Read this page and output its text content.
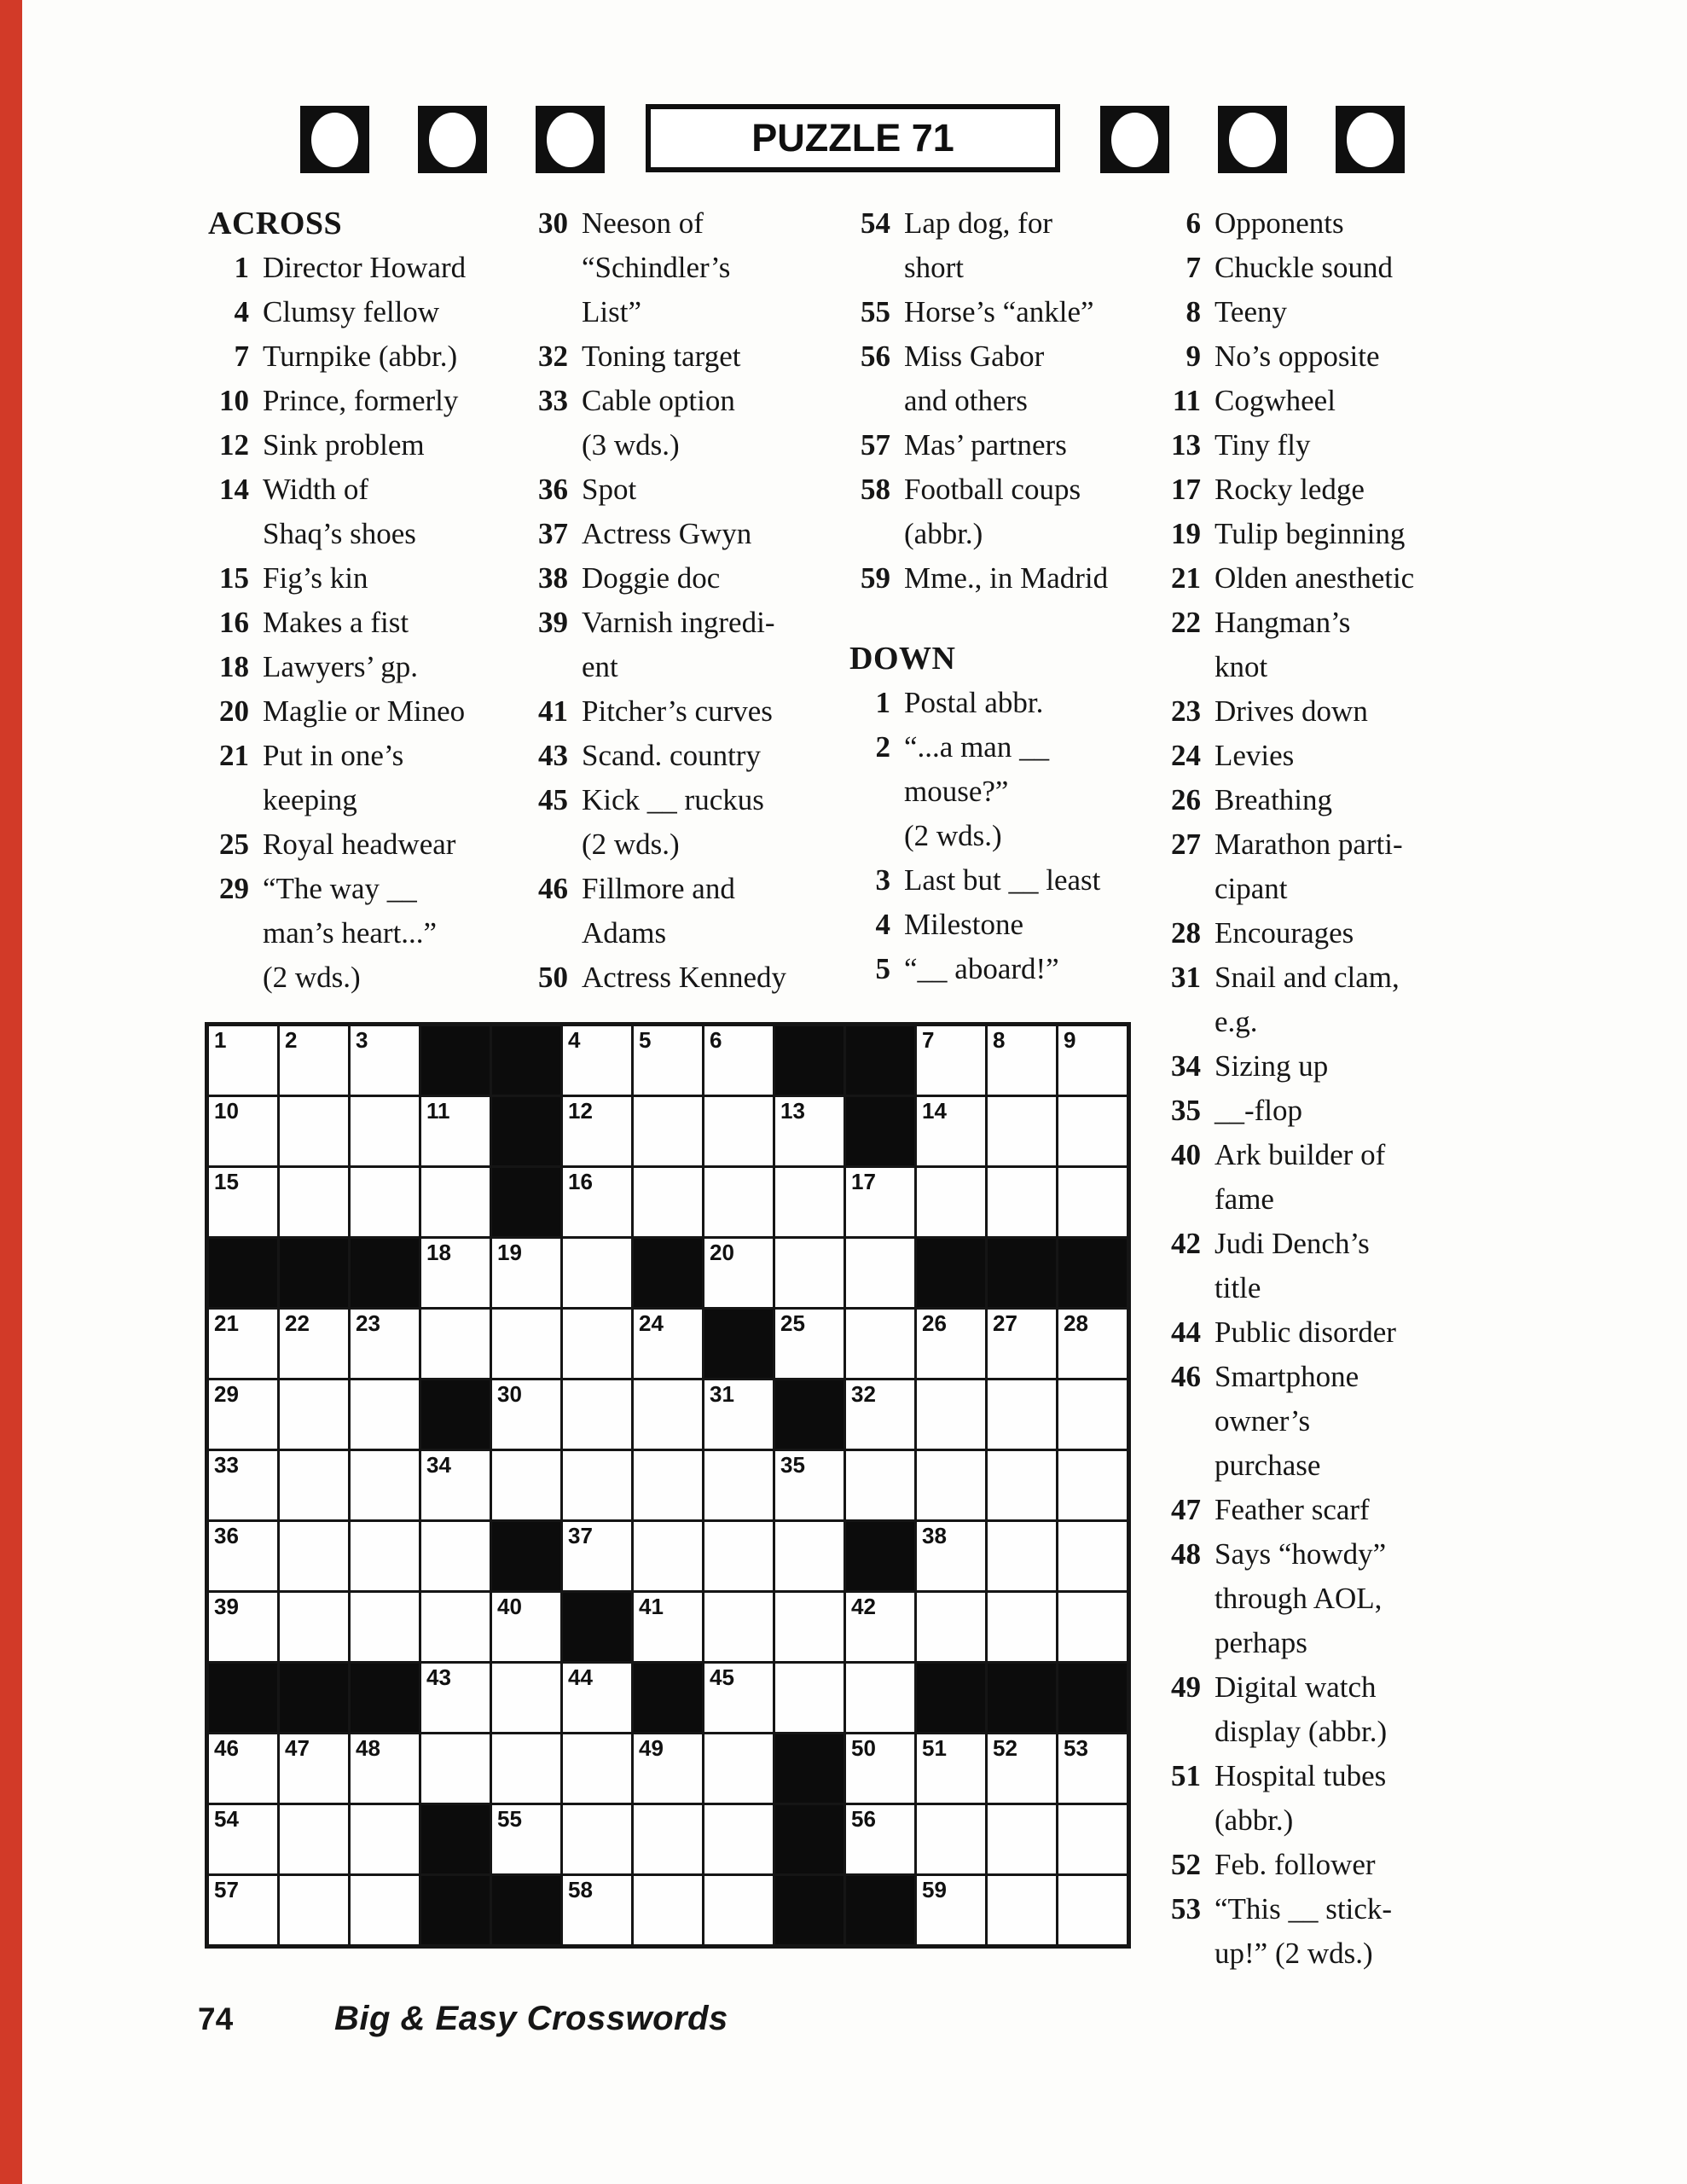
PUZZLE 71
ACROSS
1 Director Howard
4 Clumsy fellow
7 Turnpike (abbr.)
10 Prince, formerly
12 Sink problem
14 Width of
Shaq’s shoes
15 Fig’s kin
16 Makes a fist
18 Lawyers’ gp.
20 Maglie or Mineo
21 Put in one’s
keeping
25 Royal headwear
29 “The way __
man’s heart...”
(2 wds.)
30 Neeson of
“Schindler’s
List”
32 Toning target
33 Cable option
(3 wds.)
36 Spot
37 Actress Gwyn
38 Doggie doc
39 Varnish ingredi-
ent
41 Pitcher’s curves
43 Scand. country
45 Kick __ ruckus
(2 wds.)
46 Fillmore and
Adams
50 Actress Kennedy
54 Lap dog, for
short
55 Horse’s “ankle”
56 Miss Gabor
and others
57 Mas’ partners
58 Football coups
(abbr.)
59 Mme., in Madrid
DOWN
1 Postal abbr.
2 “...a man __
mouse?”
(2 wds.)
3 Last but __ least
4 Milestone
5 “__ aboard!”
6 Opponents
7 Chuckle sound
8 Teeny
9 No’s opposite
11 Cogwheel
13 Tiny fly
17 Rocky ledge
19 Tulip beginning
21 Olden anesthetic
22 Hangman’s
knot
23 Drives down
24 Levies
26 Breathing
27 Marathon parti-
cipant
28 Encourages
31 Snail and clam,
e.g.
34 Sizing up
35 __-flop
40 Ark builder of
fame
42 Judi Dench’s
title
44 Public disorder
46 Smartphone
owner’s
purchase
47 Feather scarf
48 Says “howdy”
through AOL,
perhaps
49 Digital watch
display (abbr.)
51 Hospital tubes
(abbr.)
52 Feb. follower
53 “This __ stick-
up!” (2 wds.)
1	2	3	4	5	6	7	8	9
10	11	12	13	14
15	16	17
18 19	20
21 22 23	24	25	26 27 28
29	30	31	32
33	34	35
36	37	38
39	40	41	42
43	44	45
46 47 48	49	50 51 52 53
54	55	56
57	58	59
74	Big & Easy Crosswords
